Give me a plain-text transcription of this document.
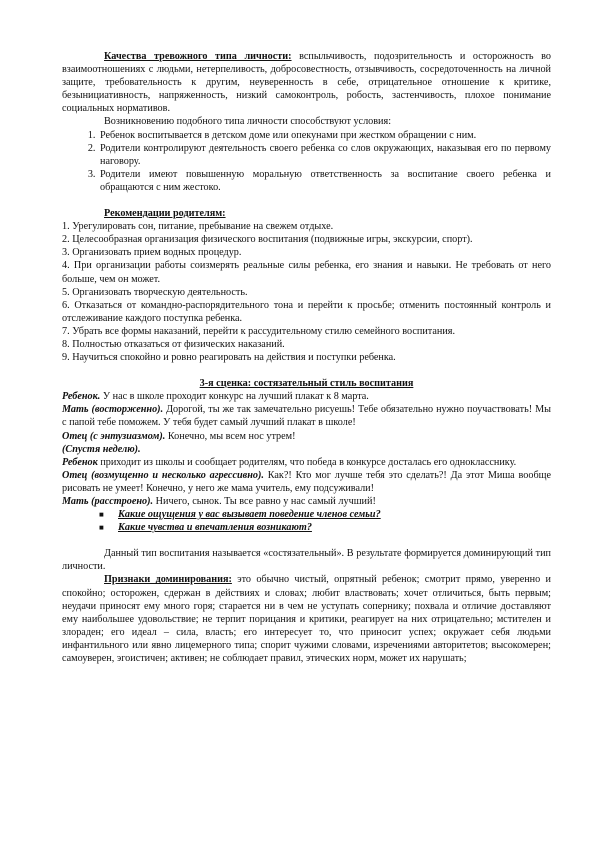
Качества тревожного типа личности: вспыльчивость, подозрительность и осторожность во взаимоотношениях с людьми, нетерпеливость, добросовестность, отзывчивость, сосредоточенность на личной защите, требовательность к другим, неуверенность в себе, отрицательное отношение к критике, безынициативность, напряженность, низкий самоконтроль, робость, застенчивость, плохое понимание социальных нормативов.

Возникновению подобного типа личности способствуют условия:

1. Ребенок воспитывается в детском доме или опекунами при жестком обращении с ним.
2. Родители контролируют деятельность своего ребенка со слов окружающих, наказывая его по первому наговору.
3. Родители имеют повышенную моральную ответственность за воспитание своего ребенка и обращаются с ним жестоко.

Рекомендации родителям:

1. Урегулировать сон, питание, пребывание на свежем отдыхе.

2. Целесообразная организация физического воспитания (подвижные игры, экскурсии, спорт).

3. Организовать прием водных процедур.

4. При организации работы соизмерять реальные силы ребенка, его знания и навыки. Не требовать от него больше, чем он может.

5. Организовать творческую деятельность.

6. Отказаться от командно-распорядительного тона и перейти к просьбе; отменить постоянный контроль и отслеживание каждого поступка ребенка.

7. Убрать все формы наказаний, перейти к рассудительному стилю семейного воспитания.

8. Полностью отказаться от физических наказаний.

9. Научиться спокойно и ровно реагировать на действия и поступки ребенка.

3-я сценка: состязательный стиль воспитания

Ребенок. У нас в школе проходит конкурс на лучший плакат к 8 марта.

Мать (восторженно). Дорогой, ты же так замечательно рисуешь! Тебе обязательно нужно поучаствовать! Мы с папой тебе поможем. У тебя будет самый лучший плакат в школе!

Отец (с энтузиазмом). Конечно, мы всем нос утрем!

(Спустя неделю).

Ребенок приходит из школы и сообщает родителям, что победа в конкурсе досталась его однокласснику.

Отец (возмущенно и несколько агрессивно). Как?! Кто мог лучше тебя это сделать?! Да этот Миша вообще рисовать не умеет! Конечно, у него же мама учитель, ему подсуживали!

Мать (расстроено). Ничего, сынок. Ты все равно у нас самый лучший!

■ Какие ощущения у вас вызывает поведение членов семьи?
■ Какие чувства и впечатления возникают?

Данный тип воспитания называется «состязательный». В результате формируется доминирующий тип личности.

Признаки доминирования: это обычно чистый, опрятный ребенок; смотрит прямо, уверенно и спокойно; осторожен, сдержан в действиях и словах; любит властвовать; хочет отличиться, быть первым; неудачи приносят ему много горя; старается ни в чем не уступать сопернику; похвала и отличие доставляют ему наибольшее удовольствие; не терпит порицания и критики, реагирует на них отрицательно; мстителен и злораден; его идеал – сила, власть; его интересует то, что приносит успех; окружает себя людьми инфантильного или явно лицемерного типа; спорит чужими словами, изречениями авторитетов; высокомерен; самоуверен, эгоистичен; активен; не соблюдает правил, этических норм, может их нарушать;
